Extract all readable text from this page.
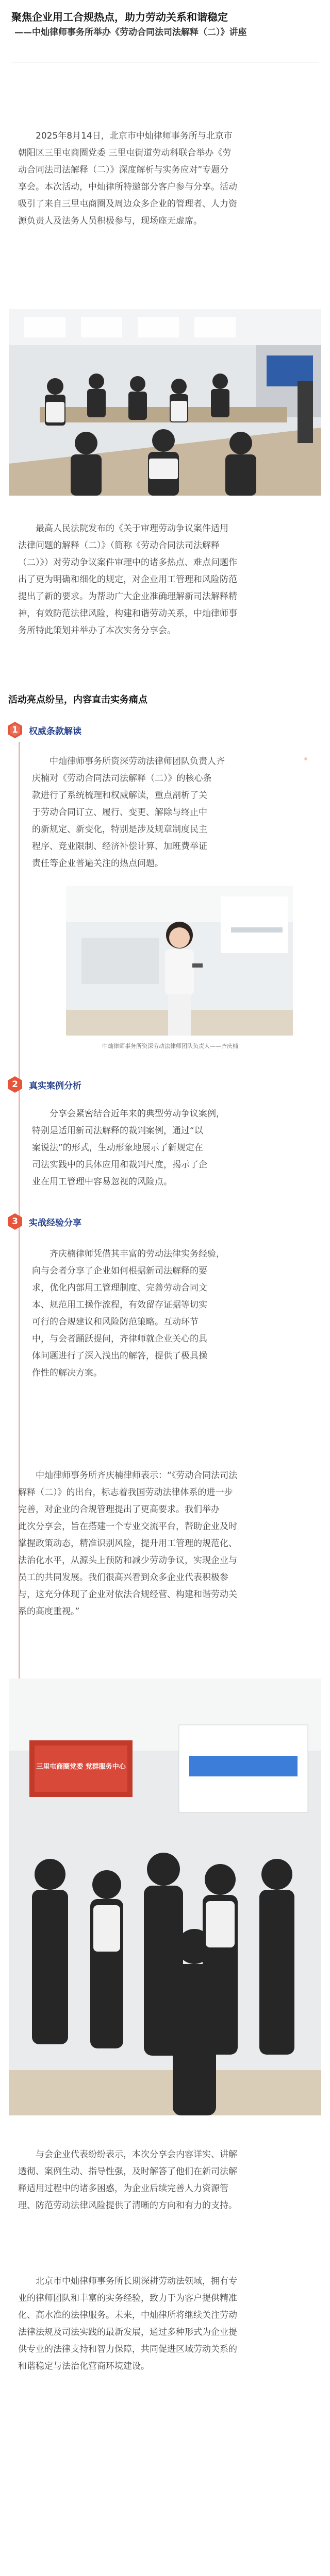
聚焦企业用工合规热点，助力劳动关系和谐稳定
——中灿律师事务所举办《劳动合同法司法解释（二）》讲座

2025年8月14日，北京市中灿律师事务所与北京市

朝阳区三里屯商圈党委 三里屯街道劳动科联合举办《劳

动合同法司法解释（二）》深度解析与实务应对”专题分

享会。本次活动，中灿律所特邀部分客户参与分享。活动

吸引了来自三里屯商圈及周边众多企业的管理者、人力资

源负责人及法务人员积极参与，现场座无虚席。

最高人民法院发布的《关于审理劳动争议案件适用

法律问题的解释（二）》（简称《劳动合同法司法解释

（二）》）对劳动争议案件审理中的诸多热点、难点问题作

出了更为明确和细化的规定，对企业用工管理和风险防范

提出了新的要求。为帮助广大企业准确理解新司法解释精

神，有效防范法律风险，构建和谐劳动关系，中灿律师事

务所特此策划并举办了本次实务分享会。

活动亮点纷呈，内容直击实务痛点
1	权威条款解读

中灿律师事务所资深劳动法律师团队负责人齐

庆楠对《劳动合同法司法解释（二）》的核心条

款进行了系统梳理和权威解读，重点剖析了关

于劳动合同订立、履行、变更、解除与终止中

的新规定、新变化，特别是涉及规章制度民主

程序、竞业限制、经济补偿计算、加班费举证

责任等企业普遍关注的热点问题。

中灿律师事务所资深劳动法律师团队负责人——齐庆楠
2	真实案例分析

分享会紧密结合近年来的典型劳动争议案例，

特别是适用新司法解释的裁判案例，通过“以

案说法”的形式，生动形象地展示了新规定在

司法实践中的具体应用和裁判尺度，揭示了企

业在用工管理中容易忽视的风险点。

3	实战经验分享

齐庆楠律师凭借其丰富的劳动法律实务经验，

向与会者分享了企业如何根据新司法解释的要

求，优化内部用工管理制度、完善劳动合同文

本、规范用工操作流程，有效留存证据等切实

可行的合规建议和风险防范策略。互动环节

中，与会者踊跃提问，齐律师就企业关心的具

体问题进行了深入浅出的解答，提供了极具操

作性的解决方案。

中灿律师事务所齐庆楠律师表示：“《劳动合同法司法

解释（二）》的出台，标志着我国劳动法律体系的进一步

完善，对企业的合规管理提出了更高要求。我们举办

此次分享会，旨在搭建一个专业交流平台，帮助企业及时

掌握政策动态，精准识别风险，提升用工管理的规范化、

法治化水平，从源头上预防和减少劳动争议，实现企业与

员工的共同发展。我们很高兴看到众多企业代表积极参

与，这充分体现了企业对依法合规经营、构建和谐劳动关

系的高度重视。”

三里屯商圈党委 党群服务中心

与会企业代表纷纷表示，本次分享会内容详实、讲解

透彻、案例生动、指导性强，及时解答了他们在新司法解

释适用过程中的诸多困惑，为企业后续完善人力资源管

理、防范劳动法律风险提供了清晰的方向和有力的支持。

北京市中灿律师事务所长期深耕劳动法领域，拥有专

业的律师团队和丰富的实务经验，致力于为客户提供精准

化、高水准的法律服务。未来，中灿律所将继续关注劳动

法律法规及司法实践的最新发展，通过多种形式为企业提

供专业的法律支持和智力保障，共同促进区域劳动关系的

和谐稳定与法治化营商环境建设。
